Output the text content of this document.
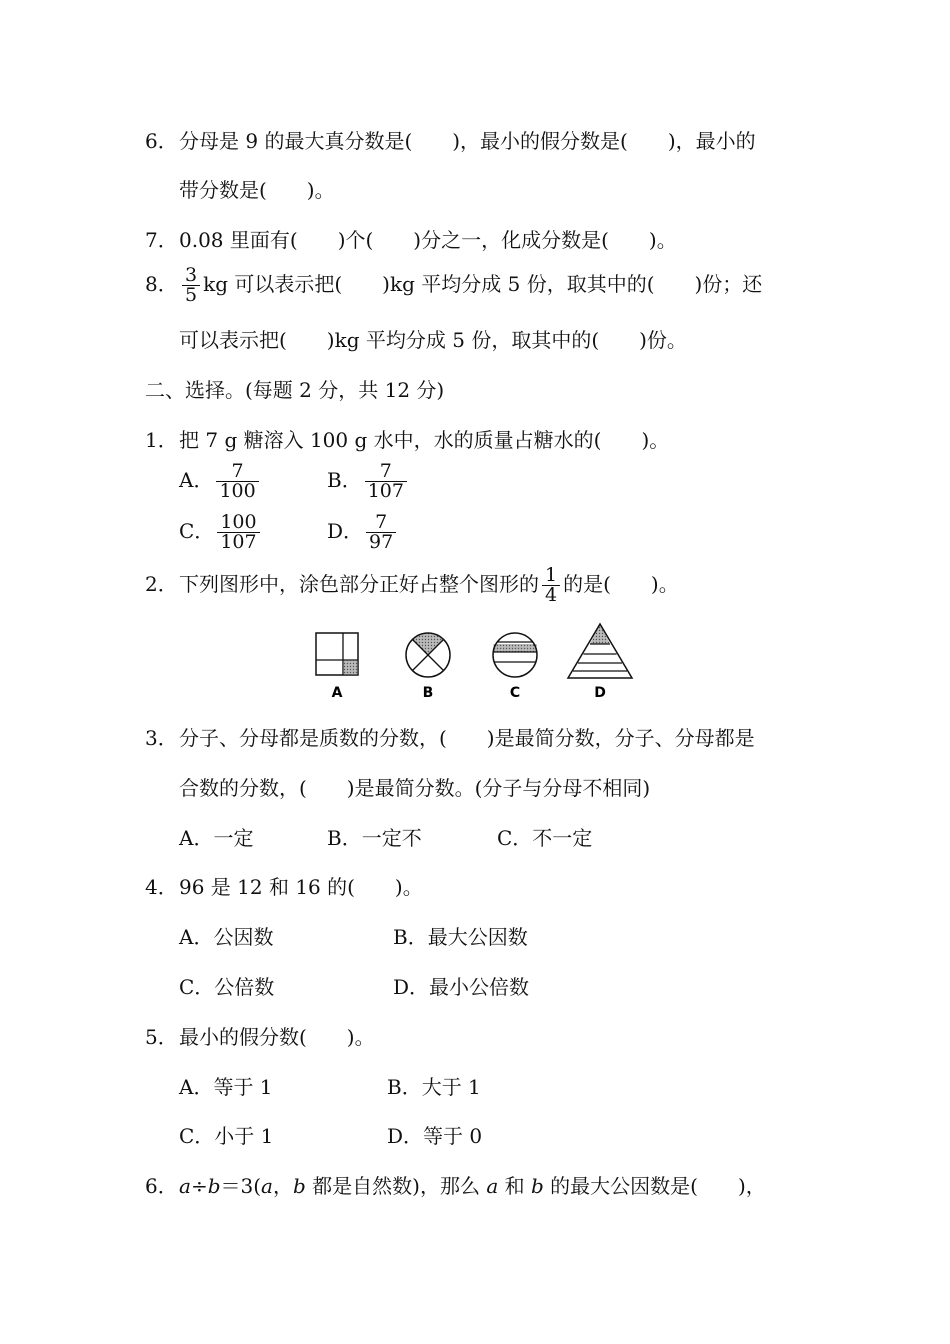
6．分母是 9 的最大真分数是(　　)，最小的假分数是(　　)，最小的
带分数是(　　)。
7．0.08 里面有(　　)个(　　)分之一，化成分数是(　　)。
8． $\frac{3}{5}$ kg 可以表示把(　　)kg 平均分成 5 份，取其中的(　　)份；还
可以表示把(　　)kg 平均分成 5 份，取其中的(　　)份。
二、选择。(每题 2 分，共 12 分)
1．把 7 g 糖溶入 100 g 水中，水的质量占糖水的(　　)。
A． $\frac{7}{100}$	B． $\frac{7}{107}$
C． $\frac{100}{107}$	D． $\frac{7}{97}$
2．下列图形中，涂色部分正好占整个图形的 $\frac{1}{4}$ 的是(　　)。
A	B	C	D
3．分子、分母都是质数的分数，(　　)是最简分数，分子、分母都是
合数的分数，(　　)是最简分数。(分子与分母不相同)
A．一定	B．一定不	C．不一定
4．96 是 12 和 16 的(　　)。
A．公因数	B．最大公因数
C．公倍数	D．最小公倍数
5．最小的假分数(　　)。
A．等于 1	B．大于 1
C．小于 1	D．等于 0
6．a÷b＝3(a，b 都是自然数)，那么 a 和 b 的最大公因数是(　　)，
